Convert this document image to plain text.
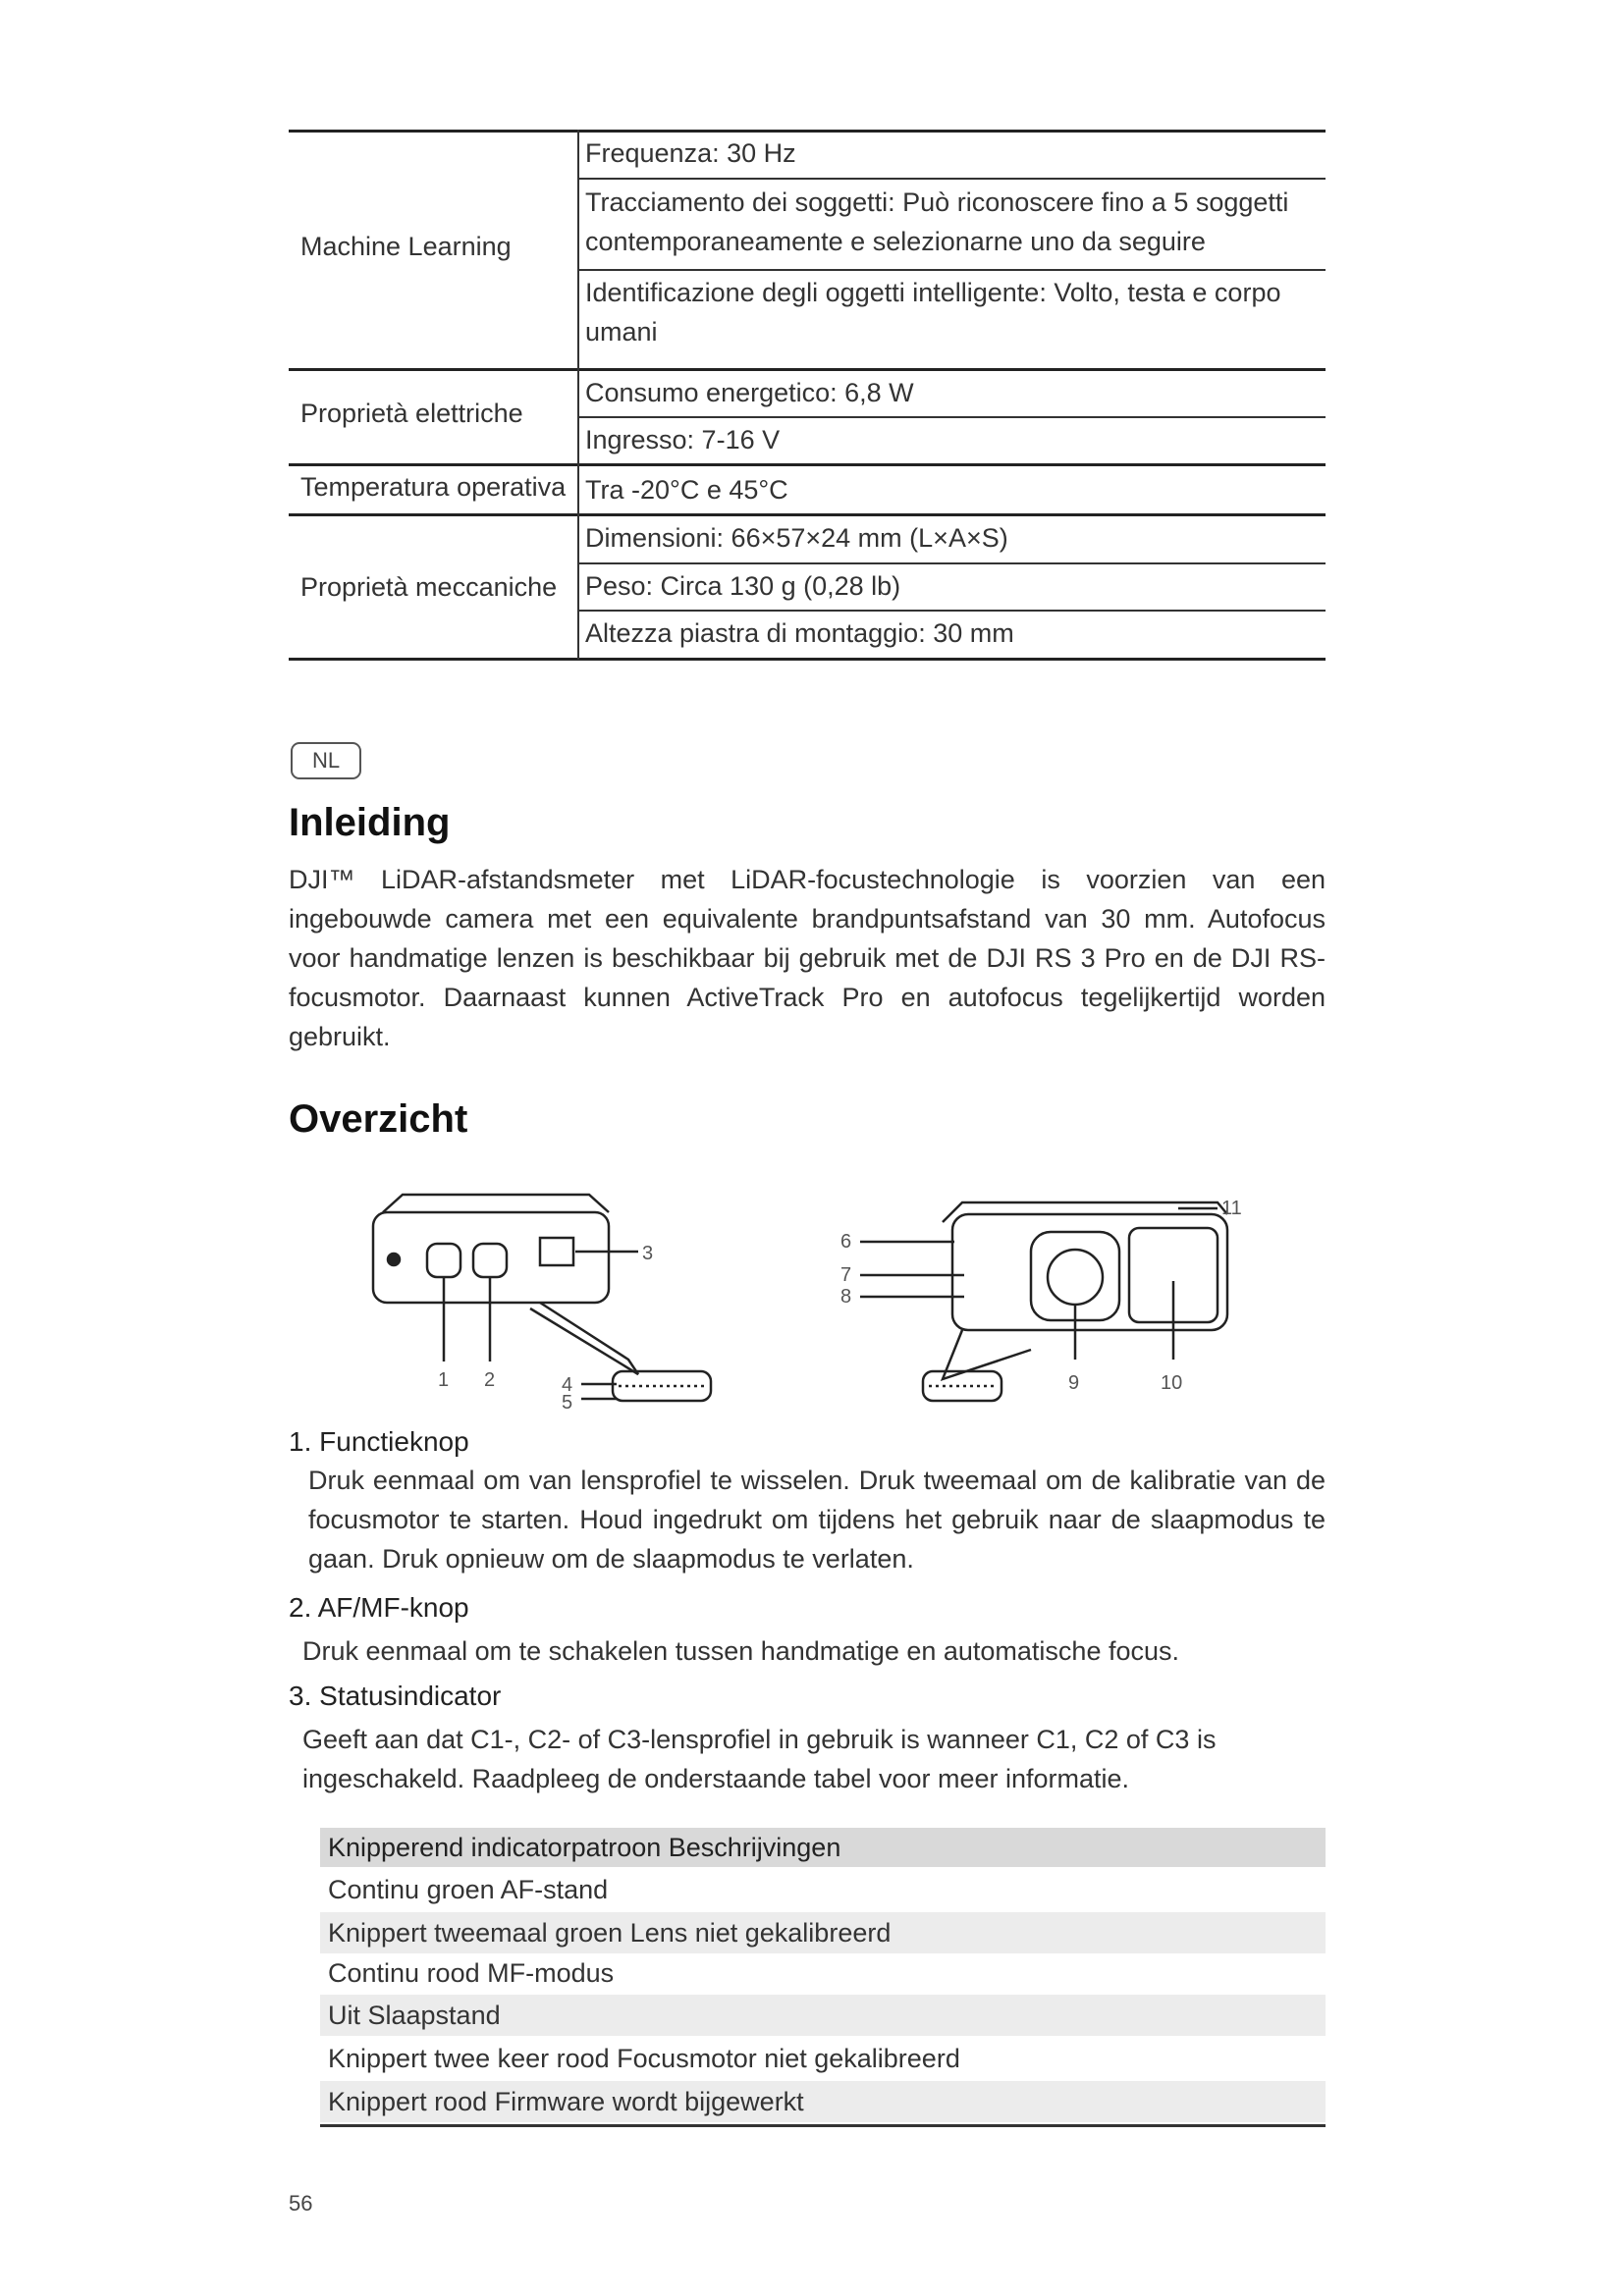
Machine Learning
Proprietà elettriche
Temperatura operativa
Proprietà meccaniche
Frequenza: 30 Hz
Tracciamento dei soggetti: Può riconoscere fino a 5 soggetti contemporaneamente e selezionarne uno da seguire
Identificazione degli oggetti intelligente: Volto, testa e corpo umani
Consumo energetico: 6,8 W
Ingresso: 7-16 V
Tra -20°C e 45°C
Dimensioni: 66×57×24 mm (L×A×S)
Peso: Circa 130 g (0,28 lb)
Altezza piastra di montaggio: 30 mm
NL
Inleiding
DJI™ LiDAR-afstandsmeter met LiDAR-focustechnologie is voorzien van een ingebouwde camera met een equivalente brandpuntsafstand van 30 mm. Autofocus voor handmatige lenzen is beschikbaar bij gebruik met de DJI RS 3 Pro en de DJI RS-focusmotor. Daarnaast kunnen ActiveTrack Pro en autofocus tegelijkertijd worden gebruikt.
Overzicht
1 2
3
4
5
6
7
8
9	10
11
1. Functieknop
Druk eenmaal om van lensprofiel te wisselen. Druk tweemaal om de kalibratie van de focusmotor te starten. Houd ingedrukt om tijdens het gebruik naar de slaapmodus te gaan. Druk opnieuw om de slaapmodus te verlaten.
2. AF/MF-knop
Druk eenmaal om te schakelen tussen handmatige en automatische focus.
3. Statusindicator
Geeft aan dat C1-, C2- of C3-lensprofiel in gebruik is wanneer C1, C2 of C3 is ingeschakeld. Raadpleeg de onderstaande tabel voor meer informatie.
Knipperend indicatorpatroon Beschrijvingen
Continu groen AF-stand
Knippert tweemaal groen Lens niet gekalibreerd
Continu rood MF-modus
Uit Slaapstand
Knippert twee keer rood Focusmotor niet gekalibreerd
Knippert rood Firmware wordt bijgewerkt
56
